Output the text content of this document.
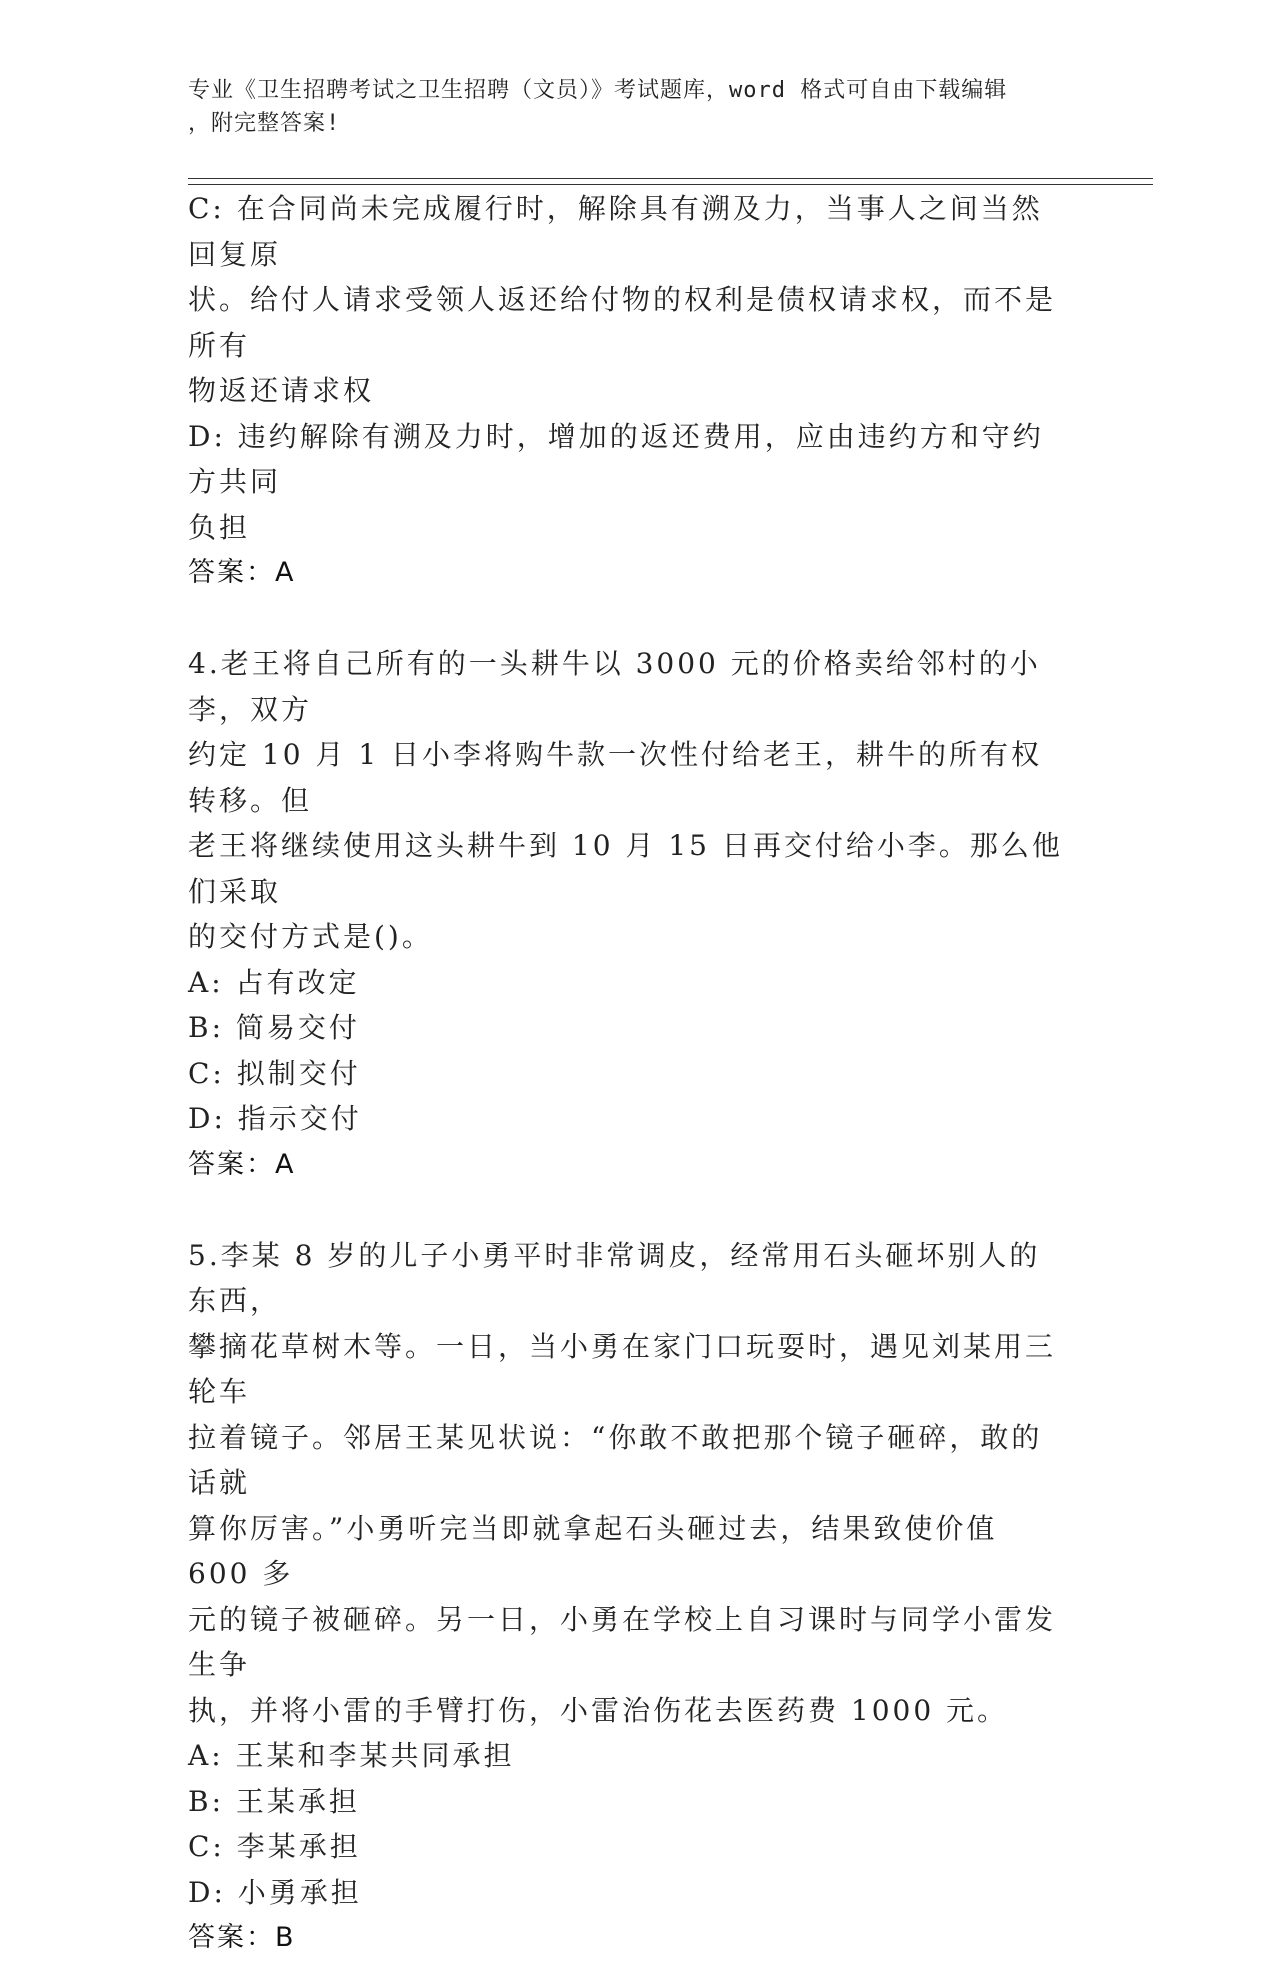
专业《卫生招聘考试之卫生招聘（文员）》考试题库，word 格式可自由下载编辑
，附完整答案!
C: 在合同尚未完成履行时，解除具有溯及力，当事人之间当然回复原
状。给付人请求受领人返还给付物的权利是债权请求权，而不是所有
物返还请求权
D: 违约解除有溯及力时，增加的返还费用，应由违约方和守约方共同
负担
答案：A
4.老王将自己所有的一头耕牛以 3000 元的价格卖给邻村的小李，双方
约定 10 月 1 日小李将购牛款一次性付给老王，耕牛的所有权转移。但
老王将继续使用这头耕牛到 10 月 15 日再交付给小李。那么他们采取
的交付方式是()。
A: 占有改定
B: 简易交付
C: 拟制交付
D: 指示交付
答案：A
5.李某 8 岁的儿子小勇平时非常调皮，经常用石头砸坏别人的东西，
攀摘花草树木等。一日，当小勇在家门口玩耍时，遇见刘某用三轮车
拉着镜子。邻居王某见状说：“你敢不敢把那个镜子砸碎，敢的话就
算你厉害。”小勇听完当即就拿起石头砸过去，结果致使价值 600 多
元的镜子被砸碎。另一日，小勇在学校上自习课时与同学小雷发生争
执，并将小雷的手臂打伤，小雷治伤花去医药费 1000 元。
A: 王某和李某共同承担
B: 王某承担
C: 李某承担
D: 小勇承担
答案：B
